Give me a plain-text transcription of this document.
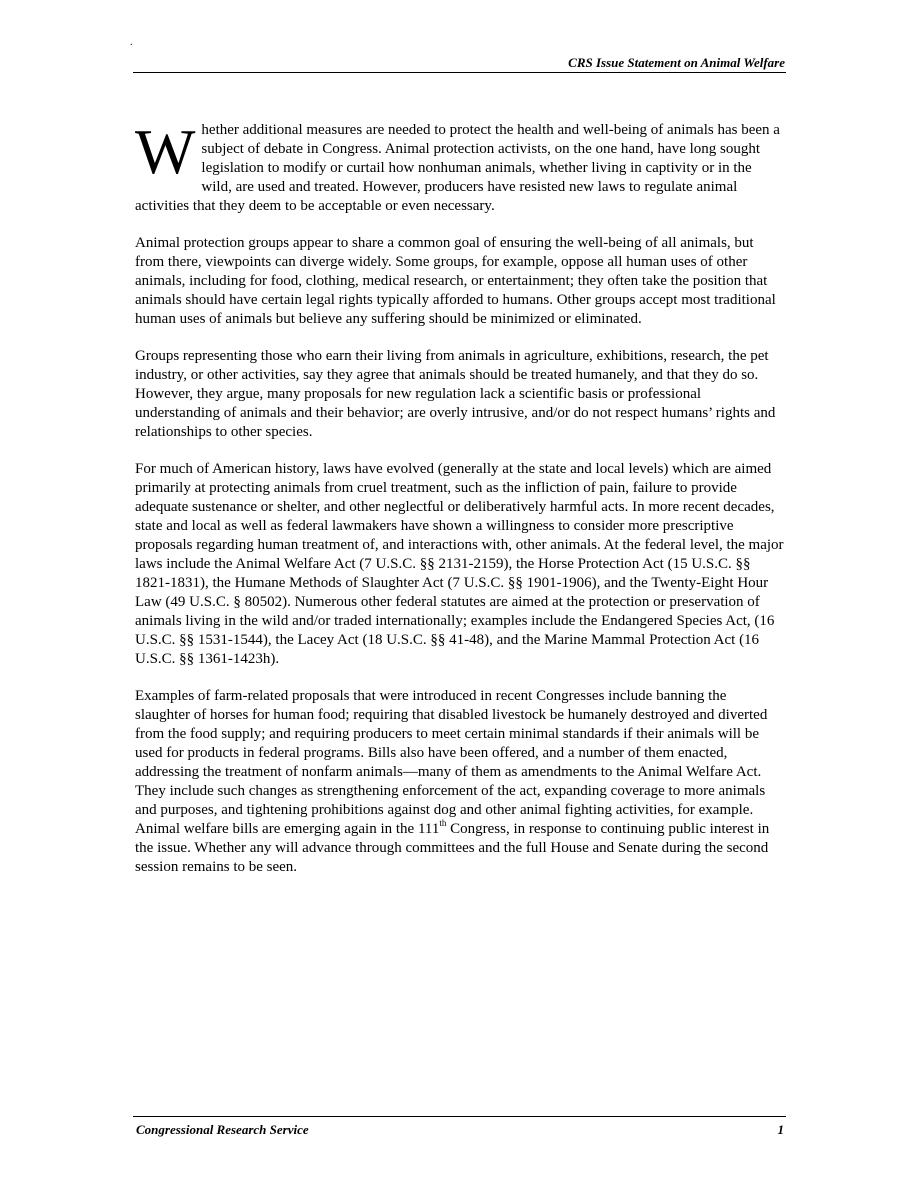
.
CRS Issue Statement on Animal Welfare

Whether additional measures are needed to protect the health and well-being of animals has been a subject of debate in Congress. Animal protection activists, on the one hand, have long sought legislation to modify or curtail how nonhuman animals, whether living in captivity or in the wild, are used and treated. However, producers have resisted new laws to regulate animal activities that they deem to be acceptable or even necessary.

Animal protection groups appear to share a common goal of ensuring the well-being of all animals, but from there, viewpoints can diverge widely. Some groups, for example, oppose all human uses of other animals, including for food, clothing, medical research, or entertainment; they often take the position that animals should have certain legal rights typically afforded to humans. Other groups accept most traditional human uses of animals but believe any suffering should be minimized or eliminated.

Groups representing those who earn their living from animals in agriculture, exhibitions, research, the pet industry, or other activities, say they agree that animals should be treated humanely, and that they do so. However, they argue, many proposals for new regulation lack a scientific basis or professional understanding of animals and their behavior; are overly intrusive, and/or do not respect humans’ rights and relationships to other species.

For much of American history, laws have evolved (generally at the state and local levels) which are aimed primarily at protecting animals from cruel treatment, such as the infliction of pain, failure to provide adequate sustenance or shelter, and other neglectful or deliberatively harmful acts. In more recent decades, state and local as well as federal lawmakers have shown a willingness to consider more prescriptive proposals regarding human treatment of, and interactions with, other animals. At the federal level, the major laws include the Animal Welfare Act (7 U.S.C. §§ 2131-2159), the Horse Protection Act (15 U.S.C. §§ 1821-1831), the Humane Methods of Slaughter Act (7 U.S.C. §§ 1901-1906), and the Twenty-Eight Hour Law (49 U.S.C. § 80502). Numerous other federal statutes are aimed at the protection or preservation of animals living in the wild and/or traded internationally; examples include the Endangered Species Act, (16 U.S.C. §§ 1531-1544), the Lacey Act (18 U.S.C. §§ 41-48), and the Marine Mammal Protection Act (16 U.S.C. §§ 1361-1423h).

Examples of farm-related proposals that were introduced in recent Congresses include banning the slaughter of horses for human food; requiring that disabled livestock be humanely destroyed and diverted from the food supply; and requiring producers to meet certain minimal standards if their animals will be used for products in federal programs. Bills also have been offered, and a number of them enacted, addressing the treatment of nonfarm animals—many of them as amendments to the Animal Welfare Act. They include such changes as strengthening enforcement of the act, expanding coverage to more animals and purposes, and tightening prohibitions against dog and other animal fighting activities, for example. Animal welfare bills are emerging again in the 111th Congress, in response to continuing public interest in the issue. Whether any will advance through committees and the full House and Senate during the second session remains to be seen.

Congressional Research Service	1
